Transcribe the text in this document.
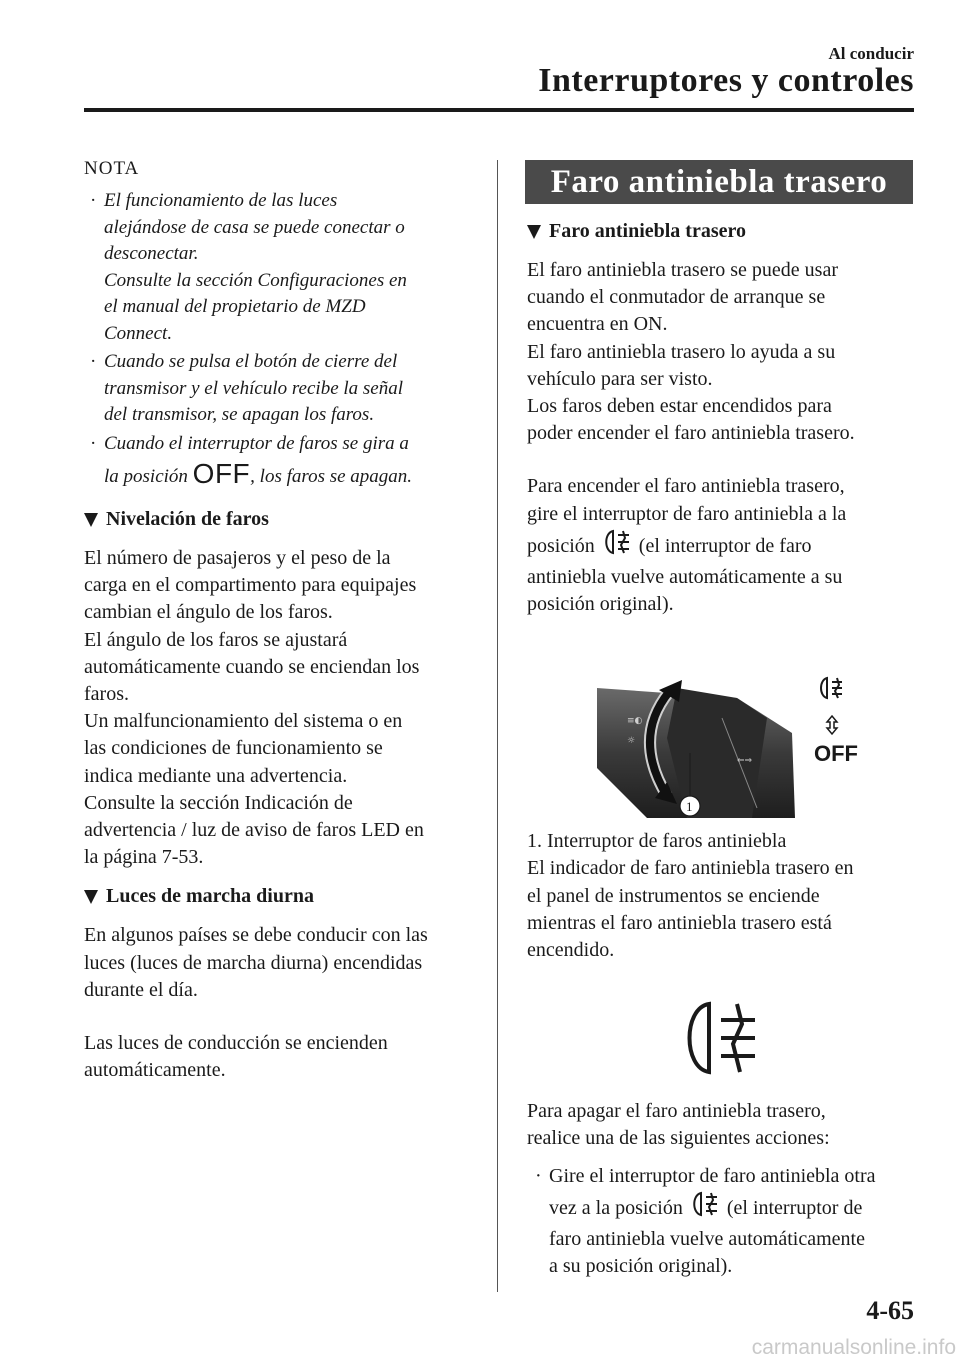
Al conducir
Interruptores y controles
NOTA
· El funcionamiento de las luces
alejándose de casa se puede conectar o
desconectar.
Consulte la sección Configuraciones en
el manual del propietario de MZD
Connect.
· Cuando se pulsa el botón de cierre del
transmisor y el vehículo recibe la señal
del transmisor, se apagan los faros.
· Cuando el interruptor de faros se gira a
la posición OFF, los faros se apagan.
Nivelación de faros

El número de pasajeros y el peso de la
carga en el compartimento para equipajes
cambian el ángulo de los faros.
El ángulo de los faros se ajustará
automáticamente cuando se enciendan los
faros.
Un malfuncionamiento del sistema o en
las condiciones de funcionamiento se
indica mediante una advertencia.
Consulte la sección Indicación de
advertencia / luz de aviso de faros LED en
la página 7-53.

Luces de marcha diurna

En algunos países se debe conducir con las
luces (luces de marcha diurna) encendidas
durante el día.

Las luces de conducción se encienden
automáticamente.

Faro antiniebla trasero
Faro antiniebla trasero

El faro antiniebla trasero se puede usar
cuando el conmutador de arranque se
encuentra en ON.
El faro antiniebla trasero lo ayuda a su
vehículo para ser visto.
Los faros deben estar encendidos para
poder encender el faro antiniebla trasero.

Para encender el faro antiniebla trasero,
gire el interruptor de faro antiniebla a la
posición (el interruptor de faro
antiniebla vuelve automáticamente a su
posición original).

≡◐
☼
⇐⇒
1
OFF
1. Interruptor de faros antiniebla

El indicador de faro antiniebla trasero en
el panel de instrumentos se enciende
mientras el faro antiniebla trasero está
encendido.

Para apagar el faro antiniebla trasero,
realice una de las siguientes acciones:

· Gire el interruptor de faro antiniebla otra
vez a la posición (el interruptor de
faro antiniebla vuelve automáticamente
a su posición original).
4-65
carmanualsonline.info
